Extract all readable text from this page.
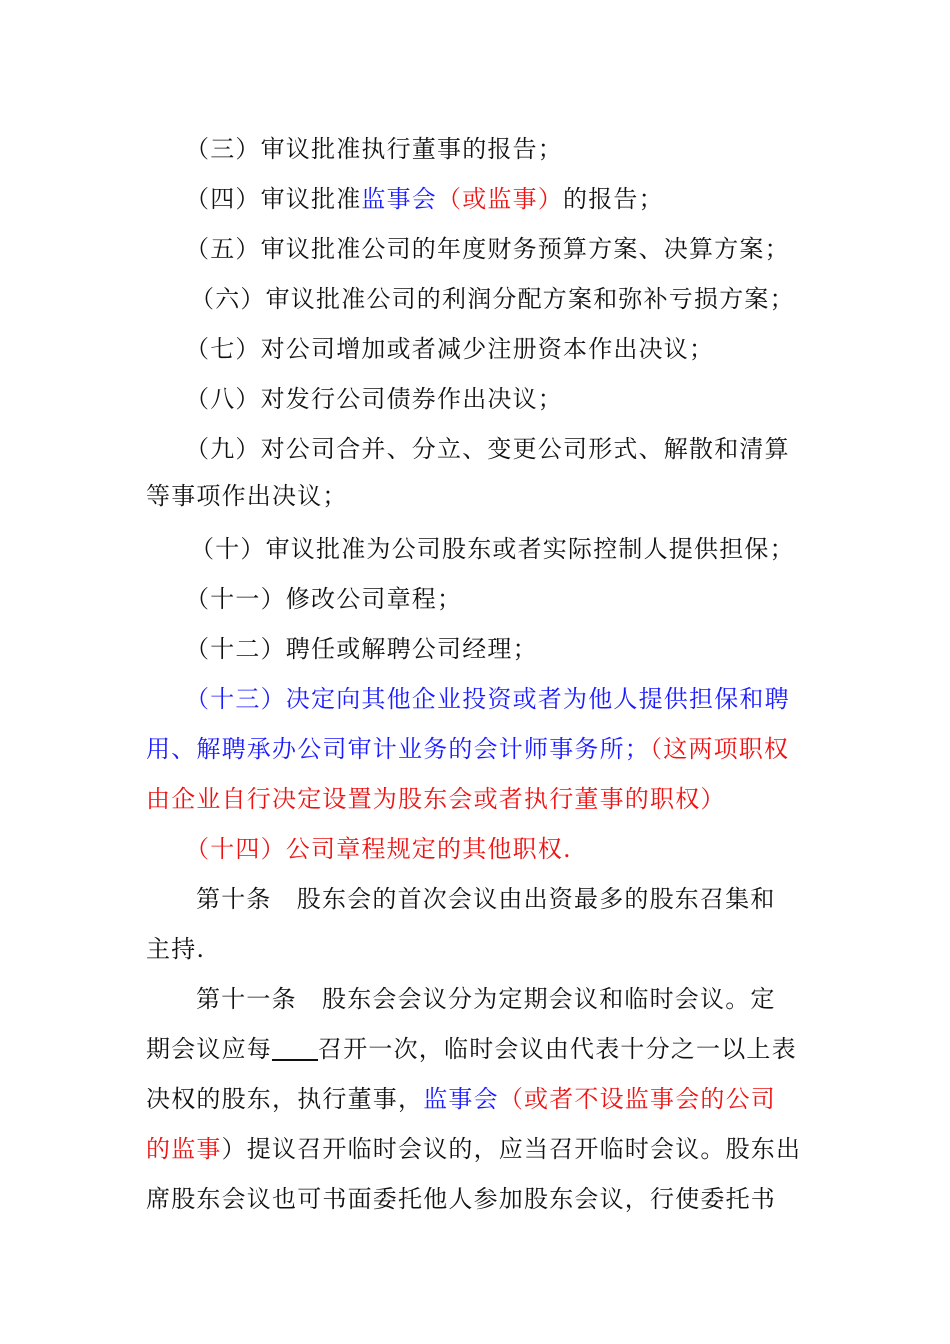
（三）审议批准执行董事的报告；
（四）审议批准监事会（或监事）的报告；
（五）审议批准公司的年度财务预算方案、决算方案；
（六）审议批准公司的利润分配方案和弥补亏损方案；
（七）对公司增加或者减少注册资本作出决议；
（八）对发行公司债券作出决议；
（九）对公司合并、分立、变更公司形式、解散和清算
等事项作出决议；
（十）审议批准为公司股东或者实际控制人提供担保；
（十一）修改公司章程；
（十二）聘任或解聘公司经理；
（十三）决定向其他企业投资或者为他人提供担保和聘
用、解聘承办公司审计业务的会计师事务所；（这两项职权
由企业自行决定设置为股东会或者执行董事的职权）
（十四）公司章程规定的其他职权.
第十条　股东会的首次会议由出资最多的股东召集和
主持.
第十一条　股东会会议分为定期会议和临时会议。定
期会议应每 召开一次，临时会议由代表十分之一以上表
决权的股东，执行董事，监事会（或者不设监事会的公司
的监事）提议召开临时会议的，应当召开临时会议。股东出
席股东会议也可书面委托他人参加股东会议，行使委托书
